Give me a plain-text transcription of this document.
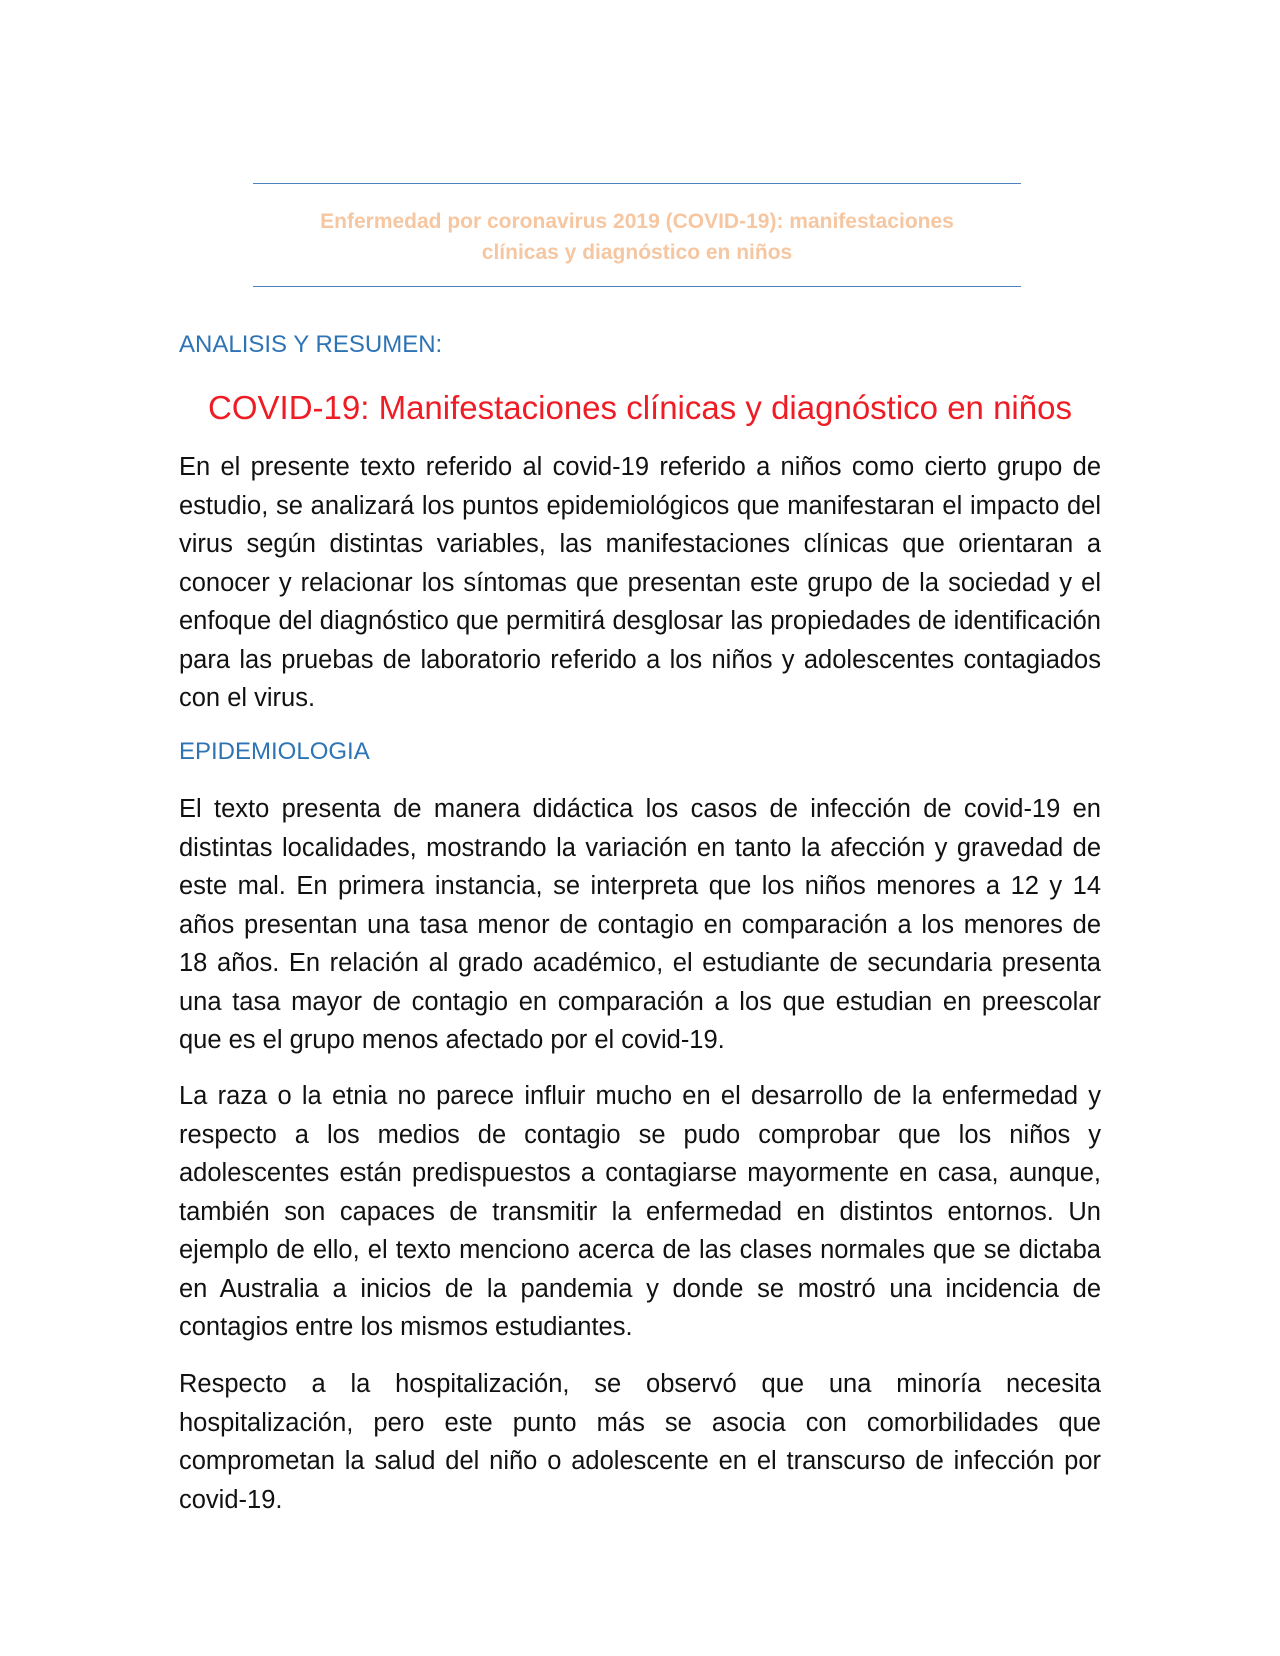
Enfermedad por coronavirus 2019 (COVID-19): manifestaciones
clínicas y diagnóstico en niños

ANALISIS Y RESUMEN:
COVID-19: Manifestaciones clínicas y diagnóstico en niños

En el presente texto referido al covid-19 referido a niños como cierto grupo de estudio, se analizará los puntos epidemiológicos que manifestaran el impacto del virus según distintas variables, las manifestaciones clínicas que orientaran a conocer y relacionar los síntomas que presentan este grupo de la sociedad y el enfoque del diagnóstico que permitirá desglosar las propiedades de identificación para las pruebas de laboratorio referido a los niños y adolescentes contagiados con el virus.

EPIDEMIOLOGIA

El texto presenta de manera didáctica los casos de infección de covid-19 en distintas localidades, mostrando la variación en tanto la afección y gravedad de este mal. En primera instancia, se interpreta que los niños menores a 12 y 14 años presentan una tasa menor de contagio en comparación a los menores de 18 años. En relación al grado académico, el estudiante de secundaria presenta una tasa mayor de contagio en comparación a los que estudian en preescolar que es el grupo menos afectado por el covid-19.

La raza o la etnia no parece influir mucho en el desarrollo de la enfermedad y respecto a los medios de contagio se pudo comprobar que los niños y adolescentes están predispuestos a contagiarse mayormente en casa, aunque, también son capaces de transmitir la enfermedad en distintos entornos. Un ejemplo de ello, el texto menciono acerca de las clases normales que se dictaba en Australia a inicios de la pandemia y donde se mostró una incidencia de contagios entre los mismos estudiantes.

Respecto a la hospitalización, se observó que una minoría necesita hospitalización, pero este punto más se asocia con comorbilidades que comprometan la salud del niño o adolescente en el transcurso de infección por covid-19.
